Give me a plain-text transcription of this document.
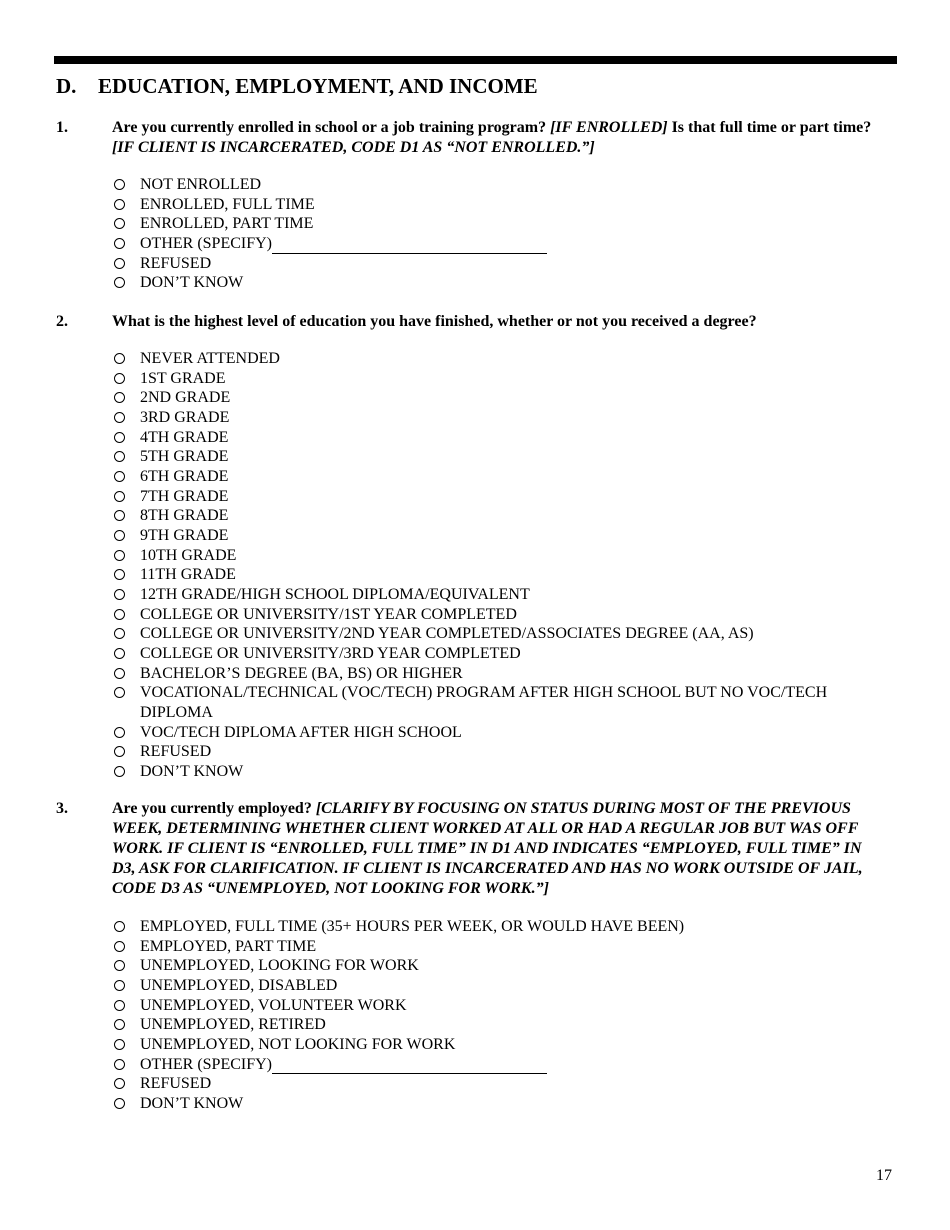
D. EDUCATION, EMPLOYMENT, AND INCOME
1.	Are you currently enrolled in school or a job training program? [IF ENROLLED] Is that full time or part time? [IF CLIENT IS INCARCERATED, CODE D1 AS “NOT ENROLLED.”]
NOT ENROLLED
ENROLLED, FULL TIME
ENROLLED, PART TIME
OTHER (SPECIFY)
REFUSED
DON’T KNOW
2.	What is the highest level of education you have finished, whether or not you received a degree?
NEVER ATTENDED
1ST GRADE
2ND GRADE
3RD GRADE
4TH GRADE
5TH GRADE
6TH GRADE
7TH GRADE
8TH GRADE
9TH GRADE
10TH GRADE
11TH GRADE
12TH GRADE/HIGH SCHOOL DIPLOMA/EQUIVALENT
COLLEGE OR UNIVERSITY/1ST YEAR COMPLETED
COLLEGE OR UNIVERSITY/2ND YEAR COMPLETED/ASSOCIATES DEGREE (AA, AS)
COLLEGE OR UNIVERSITY/3RD YEAR COMPLETED
BACHELOR’S DEGREE (BA, BS) OR HIGHER
VOCATIONAL/TECHNICAL (VOC/TECH) PROGRAM AFTER HIGH SCHOOL BUT NO VOC/TECH DIPLOMA
VOC/TECH DIPLOMA AFTER HIGH SCHOOL
REFUSED
DON’T KNOW
3.	Are you currently employed? [CLARIFY BY FOCUSING ON STATUS DURING MOST OF THE PREVIOUS WEEK, DETERMINING WHETHER CLIENT WORKED AT ALL OR HAD A REGULAR JOB BUT WAS OFF WORK. IF CLIENT IS “ENROLLED, FULL TIME” IN D1 AND INDICATES “EMPLOYED, FULL TIME” IN D3, ASK FOR CLARIFICATION. IF CLIENT IS INCARCERATED AND HAS NO WORK OUTSIDE OF JAIL, CODE D3 AS “UNEMPLOYED, NOT LOOKING FOR WORK.”]
EMPLOYED, FULL TIME (35+ HOURS PER WEEK, OR WOULD HAVE BEEN)
EMPLOYED, PART TIME
UNEMPLOYED, LOOKING FOR WORK
UNEMPLOYED, DISABLED
UNEMPLOYED, VOLUNTEER WORK
UNEMPLOYED, RETIRED
UNEMPLOYED, NOT LOOKING FOR WORK
OTHER (SPECIFY)
REFUSED
DON’T KNOW
17
